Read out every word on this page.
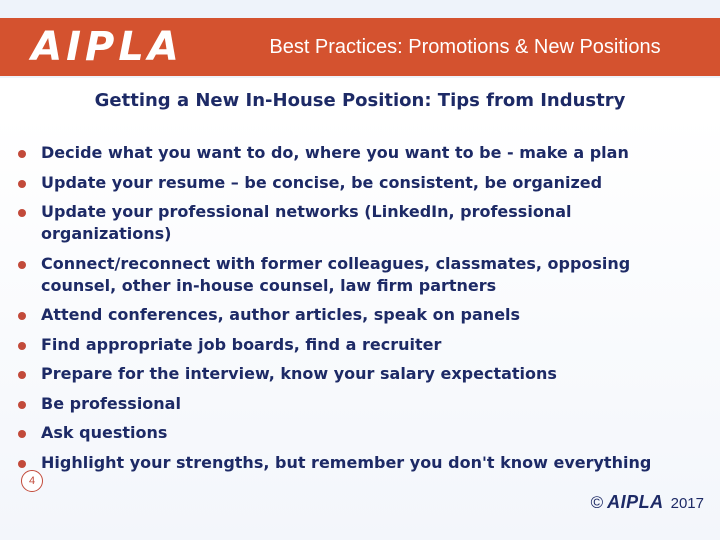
AIPLA	Best Practices: Promotions & New Positions
Getting a New In-House Position: Tips from Industry
Decide what you want to do, where you want to be - make a plan
Update your resume – be concise, be consistent, be organized
Update your professional networks (LinkedIn, professional organizations)
Connect/reconnect with former colleagues, classmates, opposing counsel, other in-house counsel, law firm partners
Attend conferences, author articles, speak on panels
Find appropriate job boards, find a recruiter
Prepare for the interview, know your salary expectations
Be professional
Ask questions
Highlight your strengths, but remember you don't know everything
4
© AIPLA 2017
